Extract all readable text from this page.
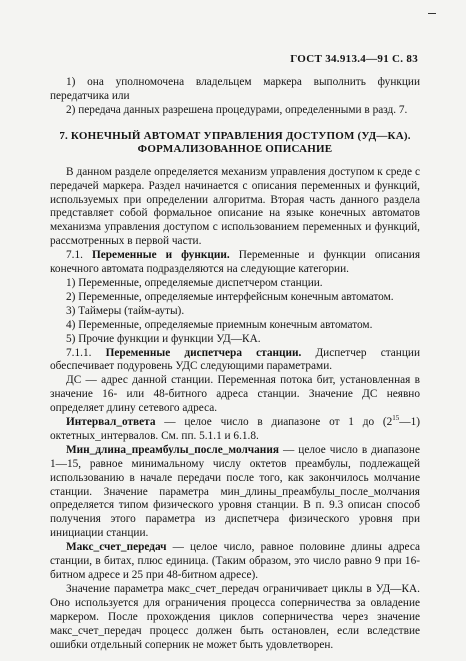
ГОСТ 34.913.4—91 С. 83

1) она уполномочена владельцем маркера выполнить функции передатчика или

2) передача данных разрешена процедурами, определенными в разд. 7.

7. КОНЕЧНЫЙ АВТОМАТ УПРАВЛЕНИЯ ДОСТУПОМ (УД—КА).
ФОРМАЛИЗОВАННОЕ ОПИСАНИЕ

В данном разделе определяется механизм управления доступом к среде с передачей маркера. Раздел начинается с описания переменных и функций, используемых при определении алгоритма. Вторая часть данного раздела представляет собой формальное описание на языке конечных автоматов механизма управления доступом с использованием переменных и функций, рассмотренных в первой части.

7.1. Переменные и функции. Переменные и функции описания конечного автомата подразделяются на следующие категории.

1) Переменные, определяемые диспетчером станции.

2) Переменные, определяемые интерфейсным конечным автоматом.

3) Таймеры (тайм-ауты).

4) Переменные, определяемые приемным конечным автоматом.

5) Прочие функции и функции УД—КА.

7.1.1. Переменные диспетчера станции. Диспетчер станции обеспечивает подуровень УДС следующими параметрами.

ДС — адрес данной станции. Переменная потока бит, установленная в значение 16- или 48-битного адреса станции. Значение ДС неявно определяет длину сетевого адреса.

Интервал_ответа — целое число в диапазоне от 1 до $(2^{15}—1)$ октетных_интервалов. См. пп. 5.1.1 и 6.1.8.

Мин_длина_преамбулы_после_молчания — целое число в диапазоне 1—15, равное минимальному числу октетов преамбулы, подлежащей использованию в начале передачи после того, как закончилось молчание станции. Значение параметра мин_длины_преамбулы_после_молчания определяется типом физического уровня станции. В п. 9.3 описан способ получения этого параметра из диспетчера физического уровня при инициации станции.

Макс_счет_передач — целое число, равное половине длины адреса станции, в битах, плюс единица. (Таким образом, это число равно 9 при 16-битном адресе и 25 при 48-битном адресе).

Значение параметра макс_счет_передач ограничивает циклы в УД—КА. Оно используется для ограничения процесса соперничества за овладение маркером. После прохождения циклов соперничества через значение макс_счет_передач процесс должен быть остановлен, если вследствие ошибки отдельный соперник не может быть удовлетворен.
